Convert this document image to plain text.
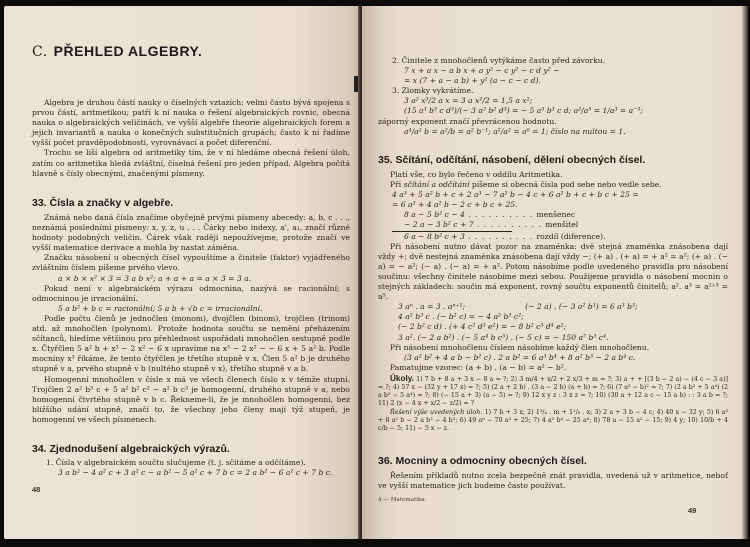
C. PŘEHLED ALGEBRY.

Algebra je druhou částí nauky o číselných vztazích; velmi často bývá spojena s prvou částí, aritmetikou; patří k ní nauka o řešení algebraických rovnic, obecná nauka o algebraických veličinách, ve vyšší algebře theorie algebraických forem a jejich invariantů a nauka o konečných substitučních grupách; často k ní řadíme vyšší počet pravděpodobnosti, vyrovnávací a počet diferenční.

Trochu se liší algebra od aritmetiky tím, že v ní hledáme obecná řešení úloh, zatím co aritmetika hledá zvláštní, číselná řešení pro jeden případ. Algebra počítá hlavně s čísly obecnými, značenými písmeny.

33. Čísla a značky v algebře.

Známá nebo daná čísla značíme obyčejně prvými písmeny abecedy: a, b, c . . ., neznámá posledními písmeny: x, y, z, u . . . Čárky nebo indexy, a', a₁, značí různé hodnoty podobných veličin. Čárek však raději nepoužívejme, protože značí ve vyšší matematice derivace a mohla by nastat záměna.

Značku násobení u obecných čísel vypouštíme a činitele (faktor) vyjádřeného zvláštním číslem píšeme prvého vlevo.

a × b × x² × 3 = 3 a b x²; a + a + a = a × 3 = 3 a.

Pokud není v algebraickém výrazu odmocnina, nazývá se racionální; s odmocninou je irracionální.

5 a b² + b c = racionální; 5 a b + √b c = irracionální.

Podle počtu členů je jednočlen (monom), dvojčlen (binom), trojčlen (trinom) atd. až mnohočlen (polynom). Protože hodnota součtu se nemění přeházením sčítanců, hledíme většinou pro přehlednost uspořádati mnohočlen sestupně podle x. Čtyřčlen 5 a² b + x³ − 2 x² − 6 x upravíme na x³ − 2 x² − − 6 x + 5 a² b. Podle mocniny x³ říkáme, že tento čtyřčlen je třetího stupně v x. Člen 5 a² b je druhého stupně v a, prvého stupně v b (nultého stupně v x), třetího stupně v a b.

Homogenní mnohočlen v čísle x má ve všech členech číslo x v témže stupni. Trojčlen 2 a² b³ c + 5 a² b² c² − a² b c³ je homogenní, druhého stupně v a, nebo homogenní čtvrtého stupně v b c. Řekneme-li, že je mnohočlen homogenní, bez bližšího udání stupně, značí to, že všechny jeho členy mají týž stupeň, je homogenní ve všech písmenech.

34. Zjednodušení algebraických výrazů.

1. Čísla v algebraickém součtu slučujeme (t. j. sčítáme a odčítáme).

3 a b² − 4 a² c + 3 a² c − a b² − 5 a² c + 7 b c = 2 a b² − 6 a² c + 7 b c.

48

2. Činitele z mnohočlenů vytýkáme často před závorku.

7 x + a x − a b x + a y² − c y² − c d y² −

= x (7 + a − a b) + y² (a − c − c d).

3. Zlomky vykrátíme.

3 a² x³/2 a x = 3 a x²/2 = 1,5 a x²;

(15 a³ b³ c d³)/(− 3 a² b² d³) = − 5 a³ b³ c d; a²/a⁵ = 1/a³ = a⁻³;

záporný exponent značí převrácenou hodnotu.

a⁴/a² b = a²/b = a² b⁻¹; a²/a² = a⁰ = 1; číslo na nultou = 1.

35. Sčítání, odčítání, násobení, dělení obecných čísel.

Platí vše, co bylo řečeno v oddílu Aritmetika.

Při sčítání a odčítání píšeme si obecná čísla pod sebe nebo vedle sebe.

4 a³ + 5 a² b + c + 2 a³ − 7 a² b − 4 c + 6 a² b + c + b c + 25 =

= 6 a³ + 4 a² b − 2 c + b c + 25.

8 a − 5 b² c − 4 . . . . . . . . . . menšenec

− 2 a − 3 b² c + 7 . . . . . . . . . . menšitel

6 a − 8 b² c + 3 . . . . . . . . . . rozdíl (diference).

Při násobení nutno dávat pozor na znaménka: dvě stejná znaménka znásobena dají vždy +; dvě nestejná znaménka znásobena dají vždy −; (+ a) . (+ a) = + a² = a²; (+ a) . (− a) = − a²; (− a) . (− a) = + a². Potom násobíme podle uvedeného pravidla pro násobení součinu: všechny činitele násobíme mezi sebou. Použijeme pravidla o násobení mocnin o stejných základech: součin má exponent, rovný součtu exponentů činitelů; a². a³ = a²⁺³ = a⁵.

3 aⁿ . a = 3 . aⁿ⁺¹;	(− 2 a) . (− 3 a² b³) = 6 a³ b³;

4 a² b³ c . (− b² c) = − 4 a² b⁵ c²;

(− 2 b² c d) . (+ 4 c² d³ e²) = − 8 b² c³ d⁴ e²;

3 a². (− 2 a b²) . (− 5 a⁴ b c³) . (− 5 c) = − 150 a⁷ b³ c⁴.

Při násobení mnohočlenu číslem násobíme každý člen mnohočlenu.

(3 a² b² + 4 a b − b² c) . 2 a b² = 6 a³ b⁴ + 8 a² b³ − 2 a b⁴ c.

Pamatujme vzorec: (a + b) . (a − b) = a² − b².

Úkoly. 1) 7 b + 8 a + 3 x − 8 a = ?; 2) 3 m/4 + x/2 + 2 x/3 + m = ?; 3) a + + [(3 b − 2 a) − (4 c − 3 a)] = ?; 4) 57 x − (32 y + 17 x) = ?; 5) (2 a + 2 b) . (3 a − 2 b) (a + b) = ?; 6) (7 a³ − b)² = ?; 7) (2 a b² + 5 a⁴) (2 a b² − 5 a⁴) = ?; 8) (− 15 a + 3) (a − 5) = ?; 9) 12 x y z : 3 x z = ?; 10) (30 a + 12 a c − 15 a b) : : 3 a b = ?; 11) 2 (x − 4 x + x/2 − z/2) = ?

Řešení výše uvedených úloh. 1) 7 b + 3 x; 2) 1³/₄ . m + 1¹/₆ . x; 3) 2 a + 3 b − 4 c; 4) 40 x − 32 y; 5) 6 a³ + 8 a² b − 2 a b² − 4 b³; 6) 49 a⁶ − 70 a³ + 25; 7) 4 a² b⁴ − 25 a⁸; 8) 78 a − 15 a² − 15; 9) 4 y; 10) 10/b + 4 c/b − 5; 11) − 5 x − z.

36. Mocniny a odmocniny obecných čísel.

Řešením příkladů nutno zcela bezpečně znát pravidla, uvedená už v aritmetice, neboť ve vyšší matematice jich budeme často používat.

4 — Matematika
49
